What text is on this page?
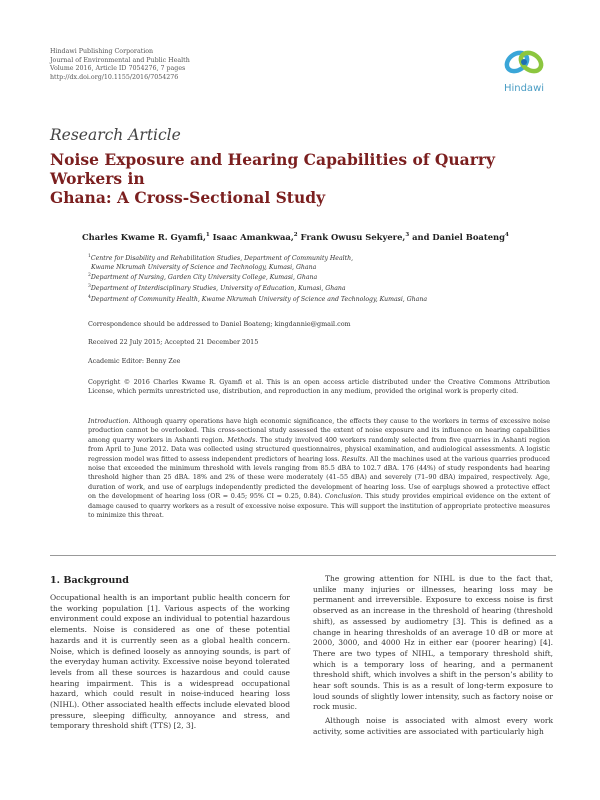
Hindawi Publishing Corporation
Journal of Environmental and Public Health
Volume 2016, Article ID 7054276, 7 pages
http://dx.doi.org/10.1155/2016/7054276
Hindawi
Research Article
Noise Exposure and Hearing Capabilities of Quarry Workers in
Ghana: A Cross-Sectional Study
Charles Kwame R. Gyamfi,$^1$ Isaac Amankwaa,$^2$ Frank Owusu Sekyere,$^3$ and Daniel Boateng$^4$
$^1$Centre for Disability and Rehabilitation Studies, Department of Community Health,
Kwame Nkrumah University of Science and Technology, Kumasi, Ghana
$^2$Department of Nursing, Garden City University College, Kumasi, Ghana
$^3$Department of Interdisciplinary Studies, University of Education, Kumasi, Ghana
$^4$Department of Community Health, Kwame Nkrumah University of Science and Technology, Kumasi, Ghana
Correspondence should be addressed to Daniel Boateng; kingdannie@gmail.com
Received 22 July 2015; Accepted 21 December 2015
Academic Editor: Benny Zee
Copyright © 2016 Charles Kwame R. Gyamfi et al. This is an open access article distributed under the Creative Commons Attribution License, which permits unrestricted use, distribution, and reproduction in any medium, provided the original work is properly cited.
Introduction. Although quarry operations have high economic significance, the effects they cause to the workers in terms of excessive noise production cannot be overlooked. This cross-sectional study assessed the extent of noise exposure and its influence on hearing capabilities among quarry workers in Ashanti region. Methods. The study involved 400 workers randomly selected from five quarries in Ashanti region from April to June 2012. Data was collected using structured questionnaires, physical examination, and audiological assessments. A logistic regression model was fitted to assess independent predictors of hearing loss. Results. All the machines used at the various quarries produced noise that exceeded the minimum threshold with levels ranging from 85.5 dBA to 102.7 dBA. 176 (44%) of study respondents had hearing threshold higher than 25 dBA. 18% and 2% of these were moderately (41–55 dBA) and severely (71–90 dBA) impaired, respectively. Age, duration of work, and use of earplugs independently predicted the development of hearing loss. Use of earplugs showed a protective effect on the development of hearing loss (OR = 0.45; 95% CI = 0.25, 0.84). Conclusion. This study provides empirical evidence on the extent of damage caused to quarry workers as a result of excessive noise exposure. This will support the institution of appropriate protective measures to minimize this threat.
1. Background

Occupational health is an important public health concern for the working population [1]. Various aspects of the working environment could expose an individual to potential hazardous elements. Noise is considered as one of these potential hazards and it is currently seen as a global health concern. Noise, which is defined loosely as annoying sounds, is part of the everyday human activity. Excessive noise beyond tolerated levels from all these sources is hazardous and could cause hearing impairment. This is a widespread occupational hazard, which could result in noise-induced hearing loss (NIHL). Other associated health effects include elevated blood pressure, sleeping difficulty, annoyance and stress, and temporary threshold shift (TTS) [2, 3].

The growing attention for NIHL is due to the fact that, unlike many injuries or illnesses, hearing loss may be permanent and irreversible. Exposure to excess noise is first observed as an increase in the threshold of hearing (threshold shift), as assessed by audiometry [3]. This is defined as a change in hearing thresholds of an average 10 dB or more at 2000, 3000, and 4000 Hz in either ear (poorer hearing) [4]. There are two types of NIHL, a temporary threshold shift, which is a temporary loss of hearing, and a permanent threshold shift, which involves a shift in the person’s ability to hear soft sounds. This is as a result of long-term exposure to loud sounds of slightly lower intensity, such as factory noise or rock music.

Although noise is associated with almost every work activity, some activities are associated with particularly high
